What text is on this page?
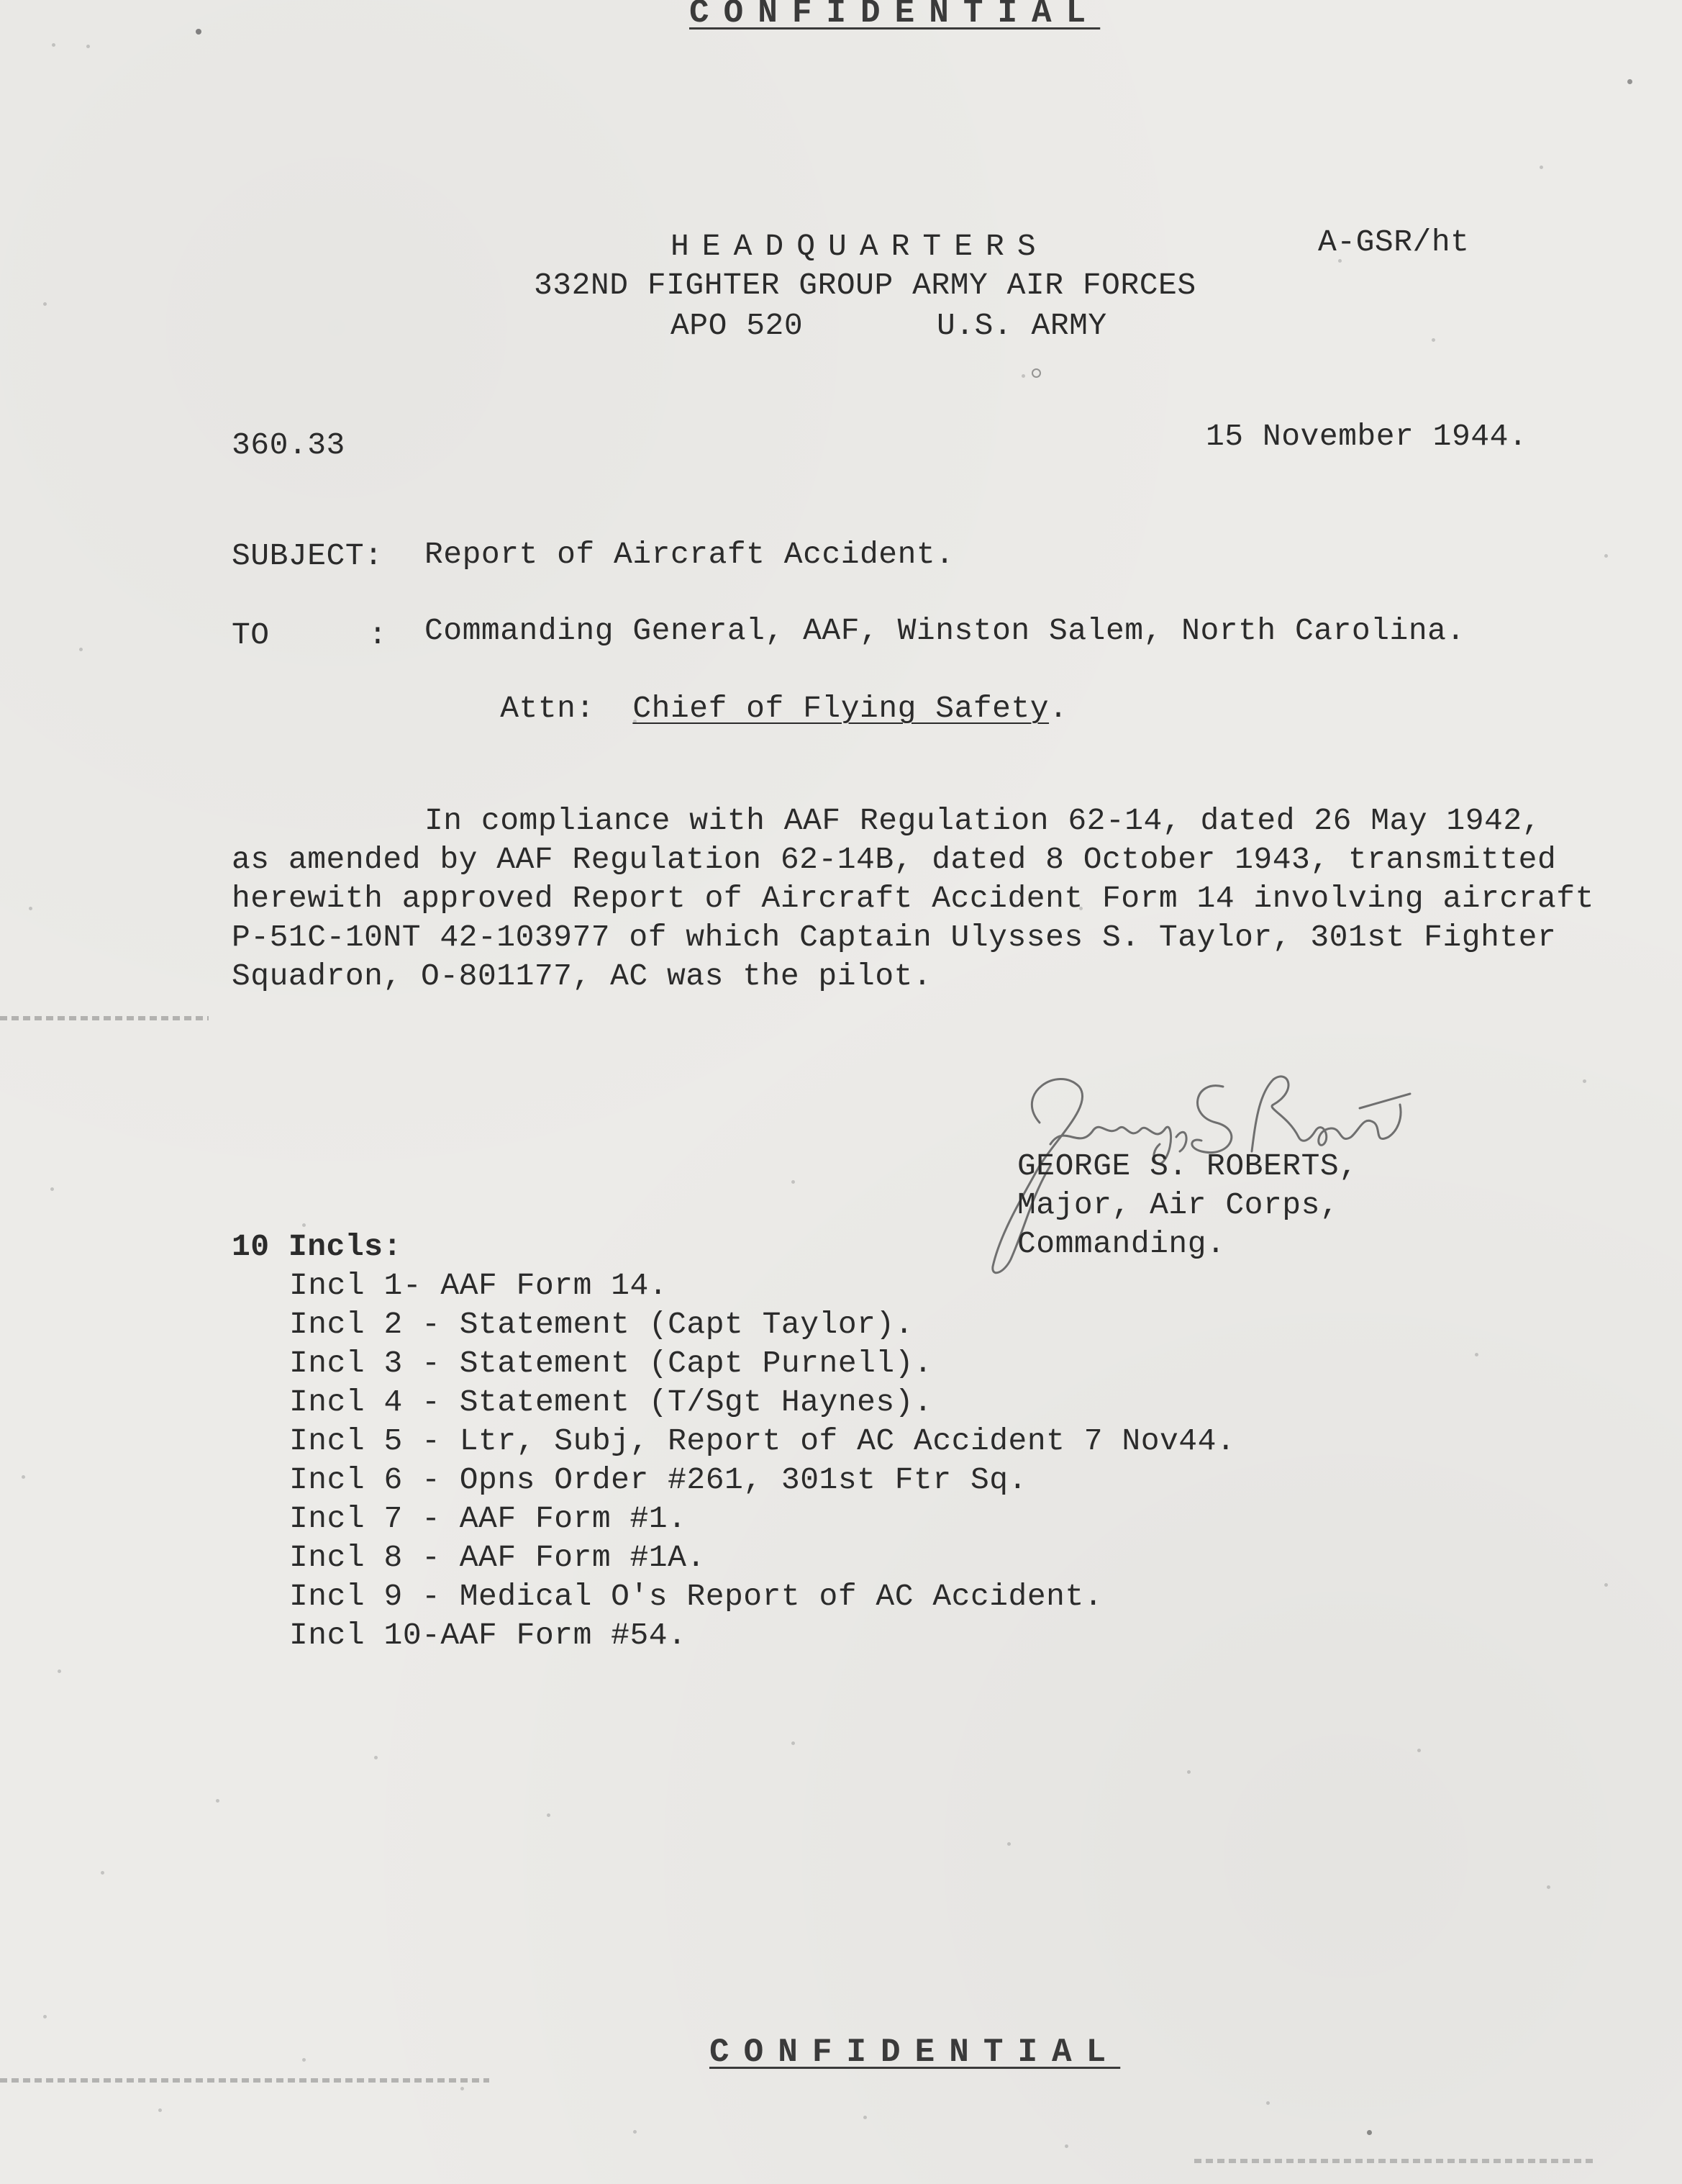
CONFIDENTIAL
HEADQUARTERS	A-GSR/ht
332ND FIGHTER GROUP ARMY AIR FORCES
APO 520	U.S. ARMY
360.33	15 November 1944.
SUBJECT: Report of Aircraft Accident.
TO	: Commanding General, AAF, Winston Salem, North Carolina.

Attn: Chief of Flying Safety.

In compliance with AAF Regulation 62-14, dated 26 May 1942,
as amended by AAF Regulation 62-14B, dated 8 October 1943, transmitted
herewith approved Report of Aircraft Accident Form 14 involving aircraft
P-51C-10NT 42-103977 of which Captain Ulysses S. Taylor, 301st Fighter
Squadron, O-801177, AC was the pilot.
GEORGE S. ROBERTS,
Major, Air Corps,
Commanding.
10 Incls:
Incl 1- AAF Form 14.
Incl 2 - Statement (Capt Taylor).
Incl 3 - Statement (Capt Purnell).
Incl 4 - Statement (T/Sgt Haynes).
Incl 5 - Ltr, Subj, Report of AC Accident 7 Nov44.
Incl 6 - Opns Order #261, 301st Ftr Sq.
Incl 7 - AAF Form #1.
Incl 8 - AAF Form #1A.
Incl 9 - Medical O's Report of AC Accident.
Incl 10-AAF Form #54.
CONFIDENTIAL
